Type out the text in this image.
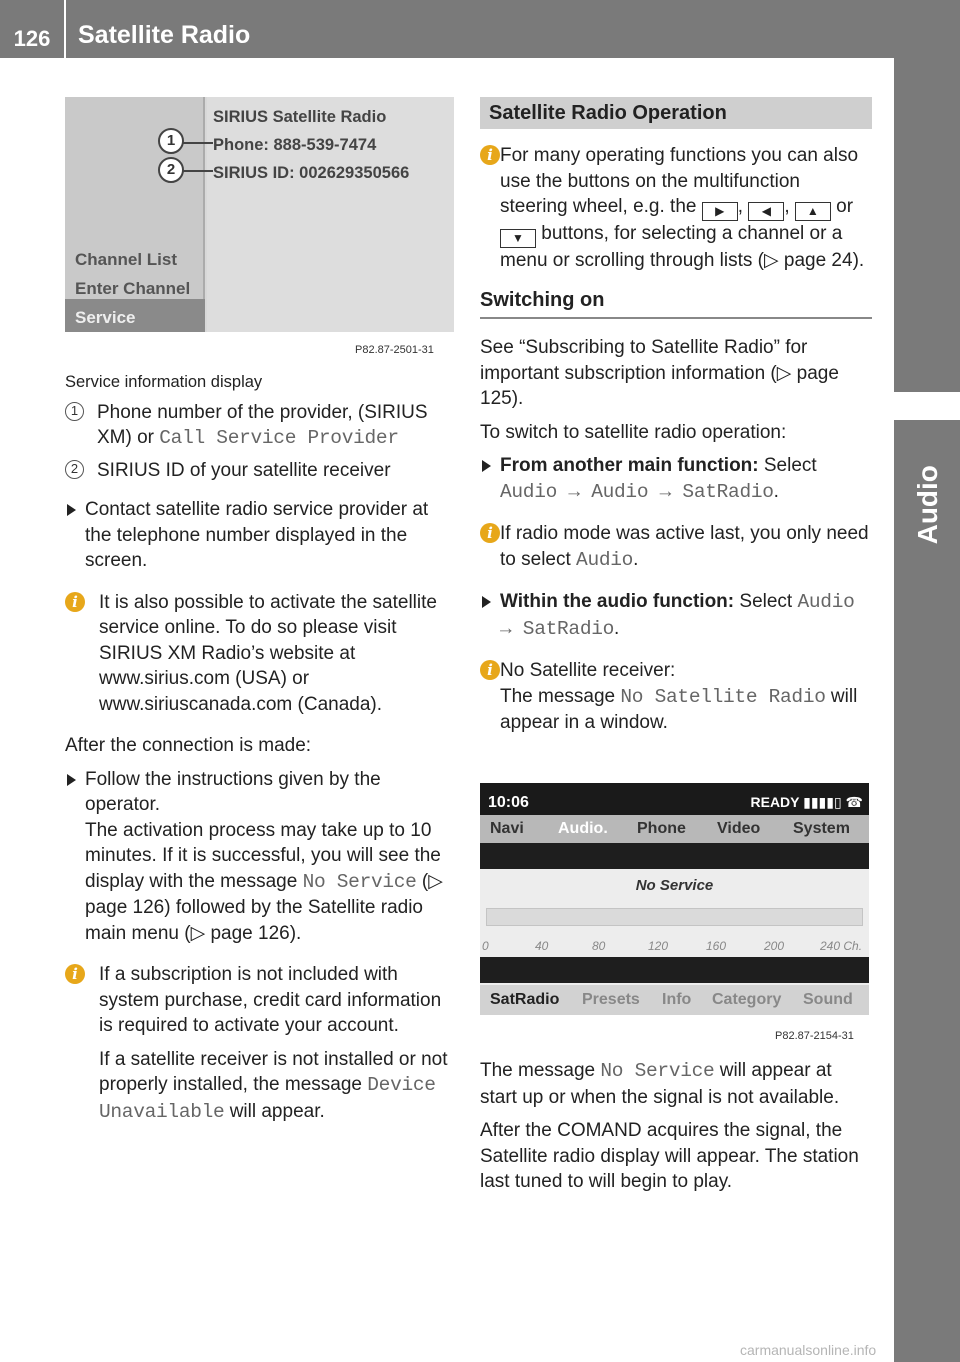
126	Satellite Radio
Audio
Channel List
Enter Channel
Service
SIRIUS Satellite Radio
Phone: 888-539-7474
SIRIUS ID: 002629350566
1
2
P82.87-2501-31
Service information display
1 Phone number of the provider, (SIRIUS XM) or Call Service Provider
2 SIRIUS ID of your satellite receiver
Contact satellite radio service provider at the telephone number displayed in the screen.
i	It is also possible to activate the satellite service online. To do so please visit SIRIUS XM Radio’s website at www.sirius.com (USA) or www.siriuscanada.com (Canada).
After the connection is made:
Follow the instructions given by the operator.
The activation process may take up to 10 minutes. If it is successful, you will see the display with the message No Service (▷ page 126) followed by the Satellite radio main menu (▷ page 126).
i	If a subscription is not included with system purchase, credit card information is required to activate your account.
If a satellite receiver is not installed or not properly installed, the message Device Unavailable will appear.
Satellite Radio Operation
i For many operating functions you can also use the buttons on the multifunction steering wheel, e.g. the ▶ , ◀ , ▲ or ▼ buttons, for selecting a channel or a menu or scrolling through lists (▷ page 24).
Switching on
See “Subscribing to Satellite Radio” for important subscription information (▷ page 125).
To switch to satellite radio operation:
From another main function: Select Audio → Audio → SatRadio.
i If radio mode was active last, you only need to select Audio.
Within the audio function: Select Audio → SatRadio.
i No Satellite receiver:
The message No Satellite Radio will appear in a window.
10:06	READY ▮▮▮▮▯ ☎
Navi Audio. Phone Video System
No Service
0	40	80	120	160	200	240 Ch.
SatRadio Presets Info Category Sound
P82.87-2154-31
The message No Service will appear at start up or when the signal is not available.
After the COMAND acquires the signal, the Satellite radio display will appear. The station last tuned to will begin to play.
carmanualsonline.info
